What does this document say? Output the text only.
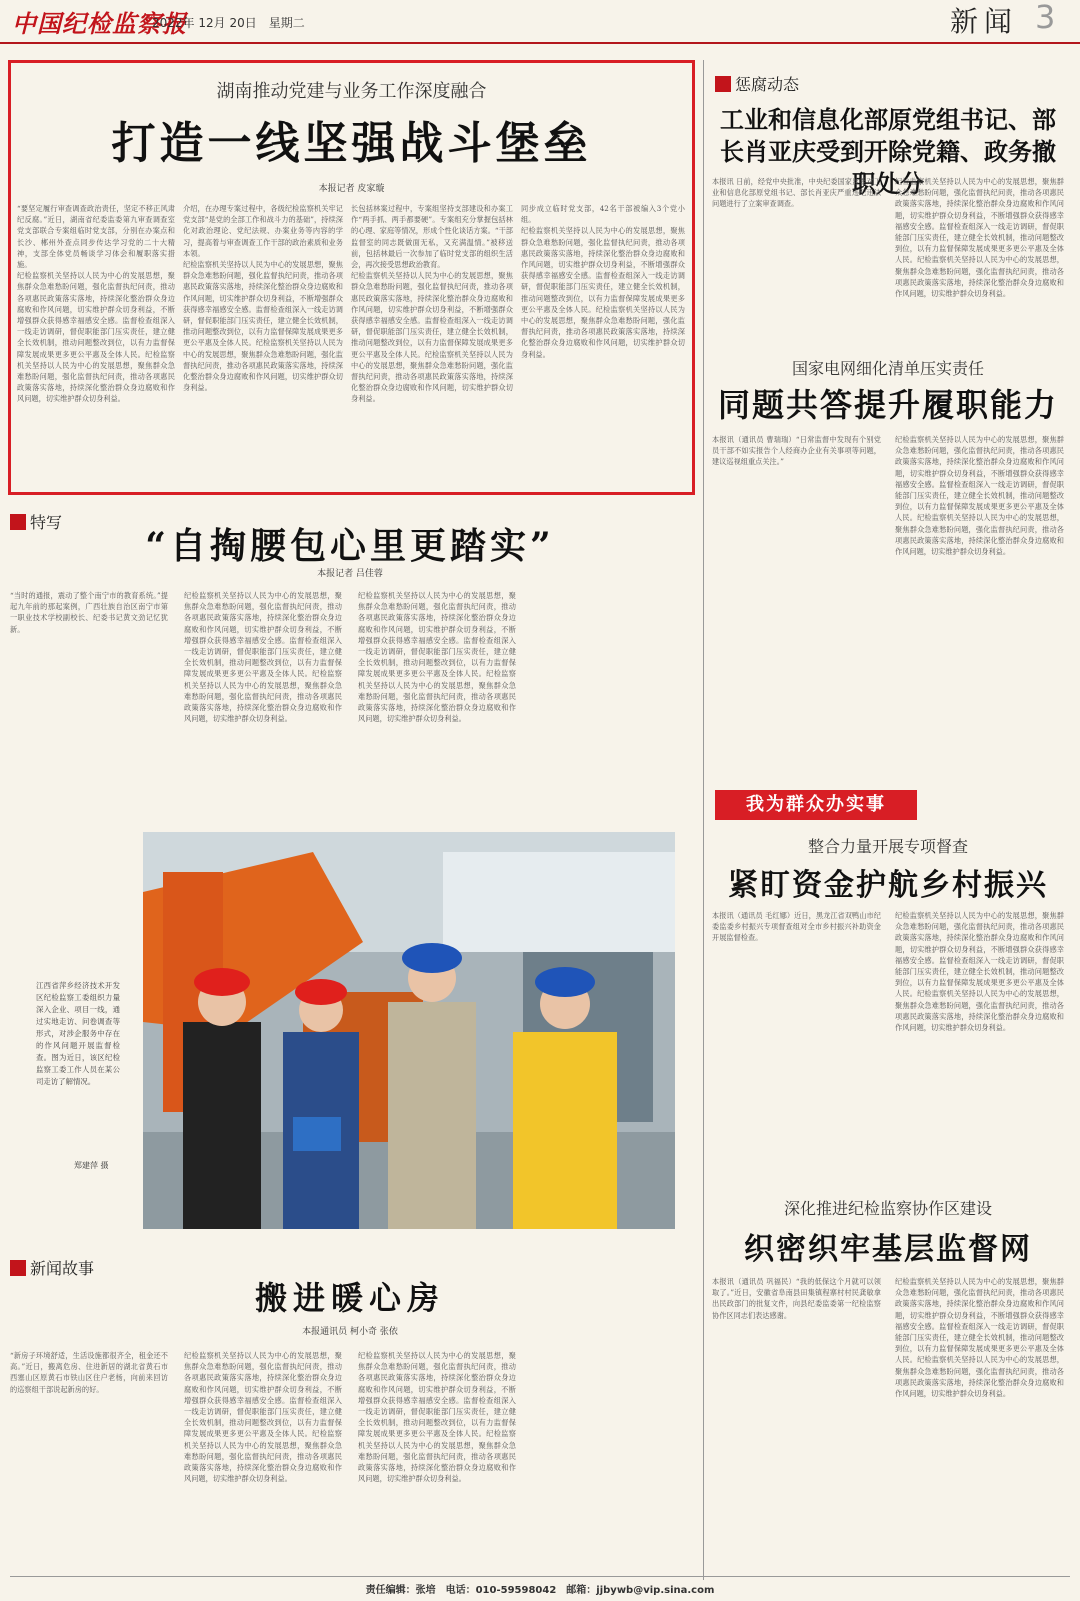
中国纪检监察报
2022年 12月 20日　星期二	新闻 3
湖南推动党建与业务工作深度融合
打造一线坚强战斗堡垒
本报记者 皮家璇
“要坚定履行审查调查政治责任，坚定不移正风肃纪反腐。”近日，湖南省纪委监委第九审查调查室党支部联合专案组临时党支部，分别在办案点和长沙、郴州外查点同步传达学习党的二十大精神，支部全体党员畅谈学习体会和履职落实措施。
纪检监察机关坚持以人民为中心的发展思想，聚焦群众急难愁盼问题，强化监督执纪问责，推动各项惠民政策落实落地，持续深化整治群众身边腐败和作风问题，切实维护群众切身利益，不断增强群众获得感幸福感安全感。监督检查组深入一线走访调研，督促职能部门压实责任，建立健全长效机制，推动问题整改到位，以有力监督保障发展成果更多更公平惠及全体人民。纪检监察机关坚持以人民为中心的发展思想，聚焦群众急难愁盼问题，强化监督执纪问责，推动各项惠民政策落实落地，持续深化整治群众身边腐败和作风问题，切实维护群众切身利益。
介绍，在办理专案过程中，各级纪检监察机关牢记党支部“是党的全部工作和战斗力的基础”，持续深化对政治理论、党纪法规、办案业务等内容的学习，提高着与审查调查工作干部的政治素质和业务本领。
纪检监察机关坚持以人民为中心的发展思想，聚焦群众急难愁盼问题，强化监督执纪问责，推动各项惠民政策落实落地，持续深化整治群众身边腐败和作风问题，切实维护群众切身利益，不断增强群众获得感幸福感安全感。监督检查组深入一线走访调研，督促职能部门压实责任，建立健全长效机制，推动问题整改到位，以有力监督保障发展成果更多更公平惠及全体人民。纪检监察机关坚持以人民为中心的发展思想，聚焦群众急难愁盼问题，强化监督执纪问责，推动各项惠民政策落实落地，持续深化整治群众身边腐败和作风问题，切实维护群众切身利益。
长包括林案过程中，专案组坚持支部建设和办案工作“两手抓、两手都要硬”。专案组充分掌握包括林的心理、家庭等情况，形成个性化谈话方案。“干部监督室的同志既做面无私，又充满温情。”被移送前，包括林最后一次参加了临时党支部的组织生活会，再次接受思想政治教育。
纪检监察机关坚持以人民为中心的发展思想，聚焦群众急难愁盼问题，强化监督执纪问责，推动各项惠民政策落实落地，持续深化整治群众身边腐败和作风问题，切实维护群众切身利益，不断增强群众获得感幸福感安全感。监督检查组深入一线走访调研，督促职能部门压实责任，建立健全长效机制，推动问题整改到位，以有力监督保障发展成果更多更公平惠及全体人民。纪检监察机关坚持以人民为中心的发展思想，聚焦群众急难愁盼问题，强化监督执纪问责，推动各项惠民政策落实落地，持续深化整治群众身边腐败和作风问题，切实维护群众切身利益。
同步成立临时党支部，42名干部被编入3个党小组。
纪检监察机关坚持以人民为中心的发展思想，聚焦群众急难愁盼问题，强化监督执纪问责，推动各项惠民政策落实落地，持续深化整治群众身边腐败和作风问题，切实维护群众切身利益，不断增强群众获得感幸福感安全感。监督检查组深入一线走访调研，督促职能部门压实责任，建立健全长效机制，推动问题整改到位，以有力监督保障发展成果更多更公平惠及全体人民。纪检监察机关坚持以人民为中心的发展思想，聚焦群众急难愁盼问题，强化监督执纪问责，推动各项惠民政策落实落地，持续深化整治群众身边腐败和作风问题，切实维护群众切身利益。
惩腐动态
工业和信息化部原党组书记、部长肖亚庆受到开除党籍、政务撤职处分
本报讯 日前，经党中央批准，中央纪委国家监委对工业和信息化部原党组书记、部长肖亚庆严重违纪违法问题进行了立案审查调查。
纪检监察机关坚持以人民为中心的发展思想，聚焦群众急难愁盼问题，强化监督执纪问责，推动各项惠民政策落实落地，持续深化整治群众身边腐败和作风问题，切实维护群众切身利益，不断增强群众获得感幸福感安全感。监督检查组深入一线走访调研，督促职能部门压实责任，建立健全长效机制，推动问题整改到位，以有力监督保障发展成果更多更公平惠及全体人民。纪检监察机关坚持以人民为中心的发展思想，聚焦群众急难愁盼问题，强化监督执纪问责，推动各项惠民政策落实落地，持续深化整治群众身边腐败和作风问题，切实维护群众切身利益。
国家电网细化清单压实责任
同题共答提升履职能力
本报讯（通讯员 曹瑞瑞）“日常监督中发现有个别党员干部不如实报告个人经商办企业有关事项等问题，建议巡视组重点关注。”
纪检监察机关坚持以人民为中心的发展思想，聚焦群众急难愁盼问题，强化监督执纪问责，推动各项惠民政策落实落地，持续深化整治群众身边腐败和作风问题，切实维护群众切身利益，不断增强群众获得感幸福感安全感。监督检查组深入一线走访调研，督促职能部门压实责任，建立健全长效机制，推动问题整改到位，以有力监督保障发展成果更多更公平惠及全体人民。纪检监察机关坚持以人民为中心的发展思想，聚焦群众急难愁盼问题，强化监督执纪问责，推动各项惠民政策落实落地，持续深化整治群众身边腐败和作风问题，切实维护群众切身利益。
特写
“自掏腰包心里更踏实”
本报记者 吕佳蓉
“当时的通报，震动了整个南宁市的教育系统。”提起九年前的那起案例，广西壮族自治区南宁市第一职业技术学校副校长、纪委书记黄文劲记忆犹新。
纪检监察机关坚持以人民为中心的发展思想，聚焦群众急难愁盼问题，强化监督执纪问责，推动各项惠民政策落实落地，持续深化整治群众身边腐败和作风问题，切实维护群众切身利益，不断增强群众获得感幸福感安全感。监督检查组深入一线走访调研，督促职能部门压实责任，建立健全长效机制，推动问题整改到位，以有力监督保障发展成果更多更公平惠及全体人民。纪检监察机关坚持以人民为中心的发展思想，聚焦群众急难愁盼问题，强化监督执纪问责，推动各项惠民政策落实落地，持续深化整治群众身边腐败和作风问题，切实维护群众切身利益。
纪检监察机关坚持以人民为中心的发展思想，聚焦群众急难愁盼问题，强化监督执纪问责，推动各项惠民政策落实落地，持续深化整治群众身边腐败和作风问题，切实维护群众切身利益，不断增强群众获得感幸福感安全感。监督检查组深入一线走访调研，督促职能部门压实责任，建立健全长效机制，推动问题整改到位，以有力监督保障发展成果更多更公平惠及全体人民。纪检监察机关坚持以人民为中心的发展思想，聚焦群众急难愁盼问题，强化监督执纪问责，推动各项惠民政策落实落地，持续深化整治群众身边腐败和作风问题，切实维护群众切身利益。
江西省萍乡经济技术开发区纪检监察工委组织力量深入企业、项目一线，通过实地走访、问卷调查等形式，对涉企服务中存在的作风问题开展监督检查。图为近日，该区纪检监察工委工作人员在某公司走访了解情况。
郑建萍 摄
我为群众办实事
整合力量开展专项督查
紧盯资金护航乡村振兴
本报讯（通讯员 毛红娜）近日，黑龙江省双鸭山市纪委监委乡村振兴专项督查组对全市乡村振兴补助资金开展监督检查。
纪检监察机关坚持以人民为中心的发展思想，聚焦群众急难愁盼问题，强化监督执纪问责，推动各项惠民政策落实落地，持续深化整治群众身边腐败和作风问题，切实维护群众切身利益，不断增强群众获得感幸福感安全感。监督检查组深入一线走访调研，督促职能部门压实责任，建立健全长效机制，推动问题整改到位，以有力监督保障发展成果更多更公平惠及全体人民。纪检监察机关坚持以人民为中心的发展思想，聚焦群众急难愁盼问题，强化监督执纪问责，推动各项惠民政策落实落地，持续深化整治群众身边腐败和作风问题，切实维护群众切身利益。
深化推进纪检监察协作区建设
织密织牢基层监督网
本报讯（通讯员 巩福民）“我的低保这个月就可以领取了。”近日，安徽省阜南县田集镇程寨村村民龚敏拿出民政部门的批复文件，向县纪委监委第一纪检监察协作区同志们表达感谢。
纪检监察机关坚持以人民为中心的发展思想，聚焦群众急难愁盼问题，强化监督执纪问责，推动各项惠民政策落实落地，持续深化整治群众身边腐败和作风问题，切实维护群众切身利益，不断增强群众获得感幸福感安全感。监督检查组深入一线走访调研，督促职能部门压实责任，建立健全长效机制，推动问题整改到位，以有力监督保障发展成果更多更公平惠及全体人民。纪检监察机关坚持以人民为中心的发展思想，聚焦群众急难愁盼问题，强化监督执纪问责，推动各项惠民政策落实落地，持续深化整治群众身边腐败和作风问题，切实维护群众切身利益。
新闻故事
搬进暖心房
本报通讯员 柯小奇 张依
“新房子环境舒适，生活设施都很齐全，租金还不高。”近日，搬离危房、住进新居的湖北省黄石市西塞山区原黄石市铁山区住户老杨，向前来回访的巡察组干部说起新房的好。
纪检监察机关坚持以人民为中心的发展思想，聚焦群众急难愁盼问题，强化监督执纪问责，推动各项惠民政策落实落地，持续深化整治群众身边腐败和作风问题，切实维护群众切身利益，不断增强群众获得感幸福感安全感。监督检查组深入一线走访调研，督促职能部门压实责任，建立健全长效机制，推动问题整改到位，以有力监督保障发展成果更多更公平惠及全体人民。纪检监察机关坚持以人民为中心的发展思想，聚焦群众急难愁盼问题，强化监督执纪问责，推动各项惠民政策落实落地，持续深化整治群众身边腐败和作风问题，切实维护群众切身利益。
纪检监察机关坚持以人民为中心的发展思想，聚焦群众急难愁盼问题，强化监督执纪问责，推动各项惠民政策落实落地，持续深化整治群众身边腐败和作风问题，切实维护群众切身利益，不断增强群众获得感幸福感安全感。监督检查组深入一线走访调研，督促职能部门压实责任，建立健全长效机制，推动问题整改到位，以有力监督保障发展成果更多更公平惠及全体人民。纪检监察机关坚持以人民为中心的发展思想，聚焦群众急难愁盼问题，强化监督执纪问责，推动各项惠民政策落实落地，持续深化整治群众身边腐败和作风问题，切实维护群众切身利益。
责任编辑：张培　电话：010-59598042　邮箱：jjbywb@vip.sina.com
